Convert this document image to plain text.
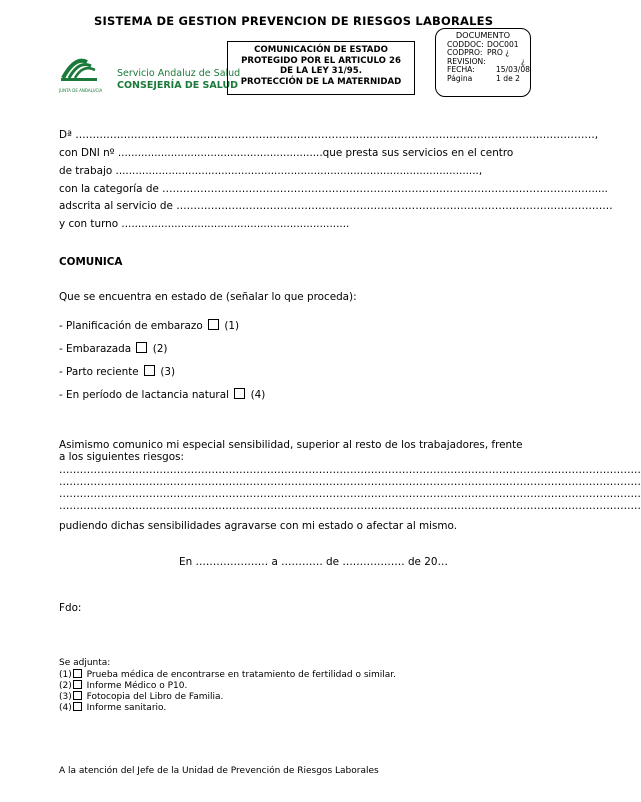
SISTEMA DE GESTION PREVENCION DE RIESGOS LABORALES
JUNTA DE ANDALUCIA
Servicio Andaluz de Salud
CONSEJERÍA DE SALUD
COMUNICACIÓN DE ESTADO
PROTEGIDO POR EL ARTICULO 26
DE LA LEY 31/95.
PROTECCIÓN DE LA MATERNIDAD
DOCUMENTO
CODDOC: DOC001
CODPRO: PRO ¿
REVISION:	¿
FECHA:	15/03/08
Página	1 de 2
Dª ……………………………………………………………………………………………………………………………………,
con DNI nº ..............................................................que presta sus servicios en el centro
de trabajo ..............................................................................................................,
con la categoría de ……………………………………………………………………………………………………………......
adscrita al servicio de ………………………………………………………………………………………………………………
y con turno .....................................................................
COMUNICA
Que se encuentra en estado de (señalar lo que proceda):
- Planificación de embarazo (1)
- Embarazada (2)
- Parto reciente (3)
- En período de lactancia natural (4)
Asimismo comunico mi especial sensibilidad, superior al resto de los trabajadores, frente
a los siguientes riesgos:
……………………………………………………………………………………………………………………………………………………
……………………………………………………………………………………………………………………………………………………
……………………………………………………………………………………………………………………………………………………
……………………………………………………………………………………………………………………………………………………
pudiendo dichas sensibilidades agravarse con mi estado o afectar al mismo.
En ………………… a ………… de ……………… de 20…
Fdo:
Se adjunta:
(1) Prueba médica de encontrarse en tratamiento de fertilidad o similar.
(2) Informe Médico o P10.
(3) Fotocopia del Libro de Familia.
(4) Informe sanitario.
A la atención del Jefe de la Unidad de Prevención de Riesgos Laborales
